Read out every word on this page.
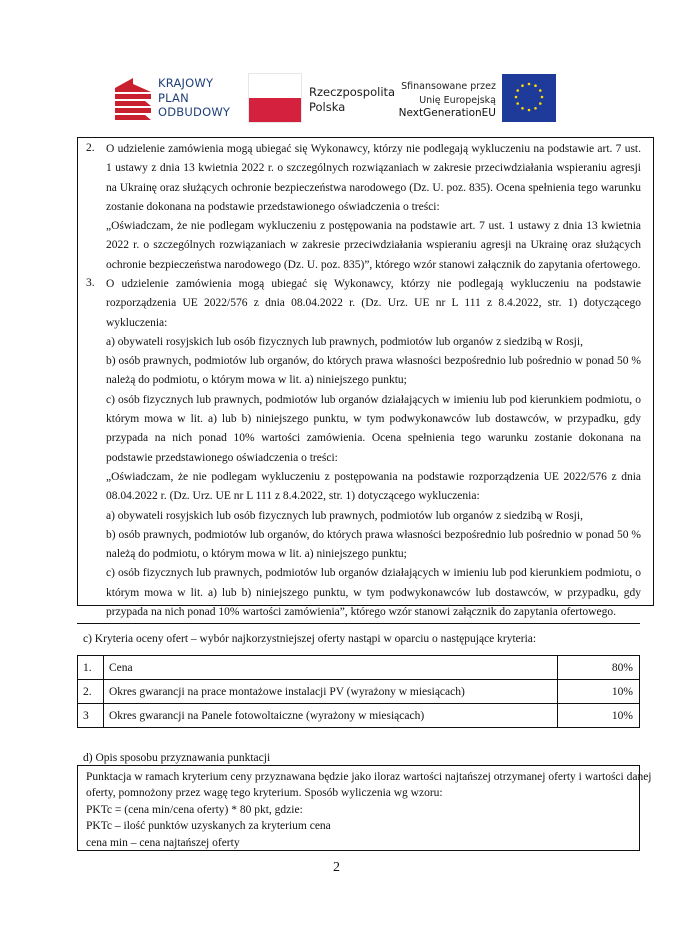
KRAJOWY
PLAN
ODBUDOWY
Rzeczpospolita
Polska
Sfinansowane przez
Unię Europejską
NextGenerationEU
2. O udzielenie zamówienia mogą ubiegać się Wykonawcy, którzy nie podlegają wykluczeniu na podstawie art. 7 ust. 1 ustawy z dnia 13 kwietnia 2022 r. o szczególnych rozwiązaniach w zakresie przeciwdziałania wspieraniu agresji na Ukrainę oraz służących ochronie bezpieczeństwa narodowego (Dz. U. poz. 835). Ocena spełnienia tego warunku zostanie dokonana na podstawie przedstawionego oświadczenia o treści:

„Oświadczam, że nie podlegam wykluczeniu z postępowania na podstawie art. 7 ust. 1 ustawy z dnia 13 kwietnia 2022 r. o szczególnych rozwiązaniach w zakresie przeciwdziałania wspieraniu agresji na Ukrainę oraz służących ochronie bezpieczeństwa narodowego (Dz. U. poz. 835)”, którego wzór stanowi załącznik do zapytania ofertowego.

3. O udzielenie zamówienia mogą ubiegać się Wykonawcy, którzy nie podlegają wykluczeniu na podstawie rozporządzenia UE 2022/576 z dnia 08.04.2022 r. (Dz. Urz. UE nr L 111 z 8.4.2022, str. 1) dotyczącego wykluczenia:

a) obywateli rosyjskich lub osób fizycznych lub prawnych, podmiotów lub organów z siedzibą w Rosji,

b) osób prawnych, podmiotów lub organów, do których prawa własności bezpośrednio lub pośrednio w ponad 50 % należą do podmiotu, o którym mowa w lit. a) niniejszego punktu;

c) osób fizycznych lub prawnych, podmiotów lub organów działających w imieniu lub pod kierunkiem podmiotu, o którym mowa w lit. a) lub b) niniejszego punktu, w tym podwykonawców lub dostawców, w przypadku, gdy przypada na nich ponad 10% wartości zamówienia. Ocena spełnienia tego warunku zostanie dokonana na podstawie przedstawionego oświadczenia o treści:

„Oświadczam, że nie podlegam wykluczeniu z postępowania na podstawie rozporządzenia UE 2022/576 z dnia 08.04.2022 r. (Dz. Urz. UE nr L 111 z 8.4.2022, str. 1) dotyczącego wykluczenia:

a) obywateli rosyjskich lub osób fizycznych lub prawnych, podmiotów lub organów z siedzibą w Rosji,

b) osób prawnych, podmiotów lub organów, do których prawa własności bezpośrednio lub pośrednio w ponad 50 % należą do podmiotu, o którym mowa w lit. a) niniejszego punktu;

c) osób fizycznych lub prawnych, podmiotów lub organów działających w imieniu lub pod kierunkiem podmiotu, o którym mowa w lit. a) lub b) niniejszego punktu, w tym podwykonawców lub dostawców, w przypadku, gdy przypada na nich ponad 10% wartości zamówienia”, którego wzór stanowi załącznik do zapytania ofertowego.

c) Kryteria oceny ofert – wybór najkorzystniejszej oferty nastąpi w oparciu o następujące kryteria:
1.	Cena	80%
2.	Okres gwarancji na prace montażowe instalacji PV (wyrażony w miesiącach)	10%
3	Okres gwarancji na Panele fotowoltaiczne (wyrażony w miesiącach)	10%
d) Opis sposobu przyznawania punktacji
Punktacja w ramach kryterium ceny przyznawana będzie jako iloraz wartości najtańszej otrzymanej oferty i wartości danej
oferty, pomnożony przez wagę tego kryterium. Sposób wyliczenia wg wzoru:
PKTc = (cena min/cena oferty) * 80 pkt, gdzie:
PKTc – ilość punktów uzyskanych za kryterium cena
cena min – cena najtańszej oferty
2
